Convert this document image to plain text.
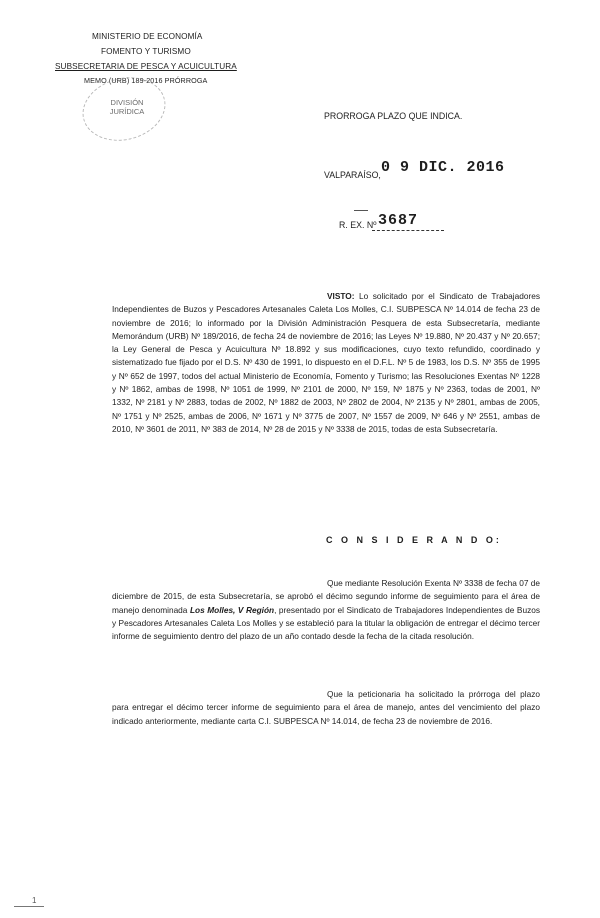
MINISTERIO DE ECONOMÍA
FOMENTO Y TURISMO
SUBSECRETARIA DE PESCA Y ACUICULTURA
MEMO (URB) 189-2016 PRÓRROGA
DIVISIÓN
JURÍDICA	PRORROGA PLAZO QUE INDICA.
VALPARAÍSO, 0 9 DIC. 2016
R. EX. Nº 3687
VISTO: Lo solicitado por el Sindicato de Trabajadores Independientes de Buzos y Pescadores Artesanales Caleta Los Molles, C.I. SUBPESCA Nº 14.014 de fecha 23 de noviembre de 2016; lo informado por la División Administración Pesquera de esta Subsecretaría, mediante Memorándum (URB) Nº 189/2016, de fecha 24 de noviembre de 2016; las Leyes Nº 19.880, Nº 20.437 y Nº 20.657; la Ley General de Pesca y Acuicultura Nº 18.892 y sus modificaciones, cuyo texto refundido, coordinado y sistematizado fue fijado por el D.S. Nº 430 de 1991, lo dispuesto en el D.F.L. Nº 5 de 1983, los D.S. Nº 355 de 1995 y Nº 652 de 1997, todos del actual Ministerio de Economía, Fomento y Turismo; las Resoluciones Exentas Nº 1228 y Nº 1862, ambas de 1998, Nº 1051 de 1999, Nº 2101 de 2000, Nº 159, Nº 1875 y Nº 2363, todas de 2001, Nº 1332, Nº 2181 y Nº 2883, todas de 2002, Nº 1882 de 2003, Nº 2802 de 2004, Nº 2135 y Nº 2801, ambas de 2005, Nº 1751 y Nº 2525, ambas de 2006, Nº 1671 y Nº 3775 de 2007, Nº 1557 de 2009, Nº 646 y Nº 2551, ambas de 2010, Nº 3601 de 2011, Nº 383 de 2014, Nº 28 de 2015 y Nº 3338 de 2015, todas de esta Subsecretaría.
C O N S I D E R A N D O:
Que mediante Resolución Exenta Nº 3338 de fecha 07 de diciembre de 2015, de esta Subsecretaría, se aprobó el décimo segundo informe de seguimiento para el área de manejo denominada Los Molles, V Región, presentado por el Sindicato de Trabajadores Independientes de Buzos y Pescadores Artesanales Caleta Los Molles y se estableció para la titular la obligación de entregar el décimo tercer informe de seguimiento dentro del plazo de un año contado desde la fecha de la citada resolución.
Que la peticionaria ha solicitado la prórroga del plazo para entregar el décimo tercer informe de seguimiento para el área de manejo, antes del vencimiento del plazo indicado anteriormente, mediante carta C.I. SUBPESCA Nº 14.014, de fecha 23 de noviembre de 2016.
1
